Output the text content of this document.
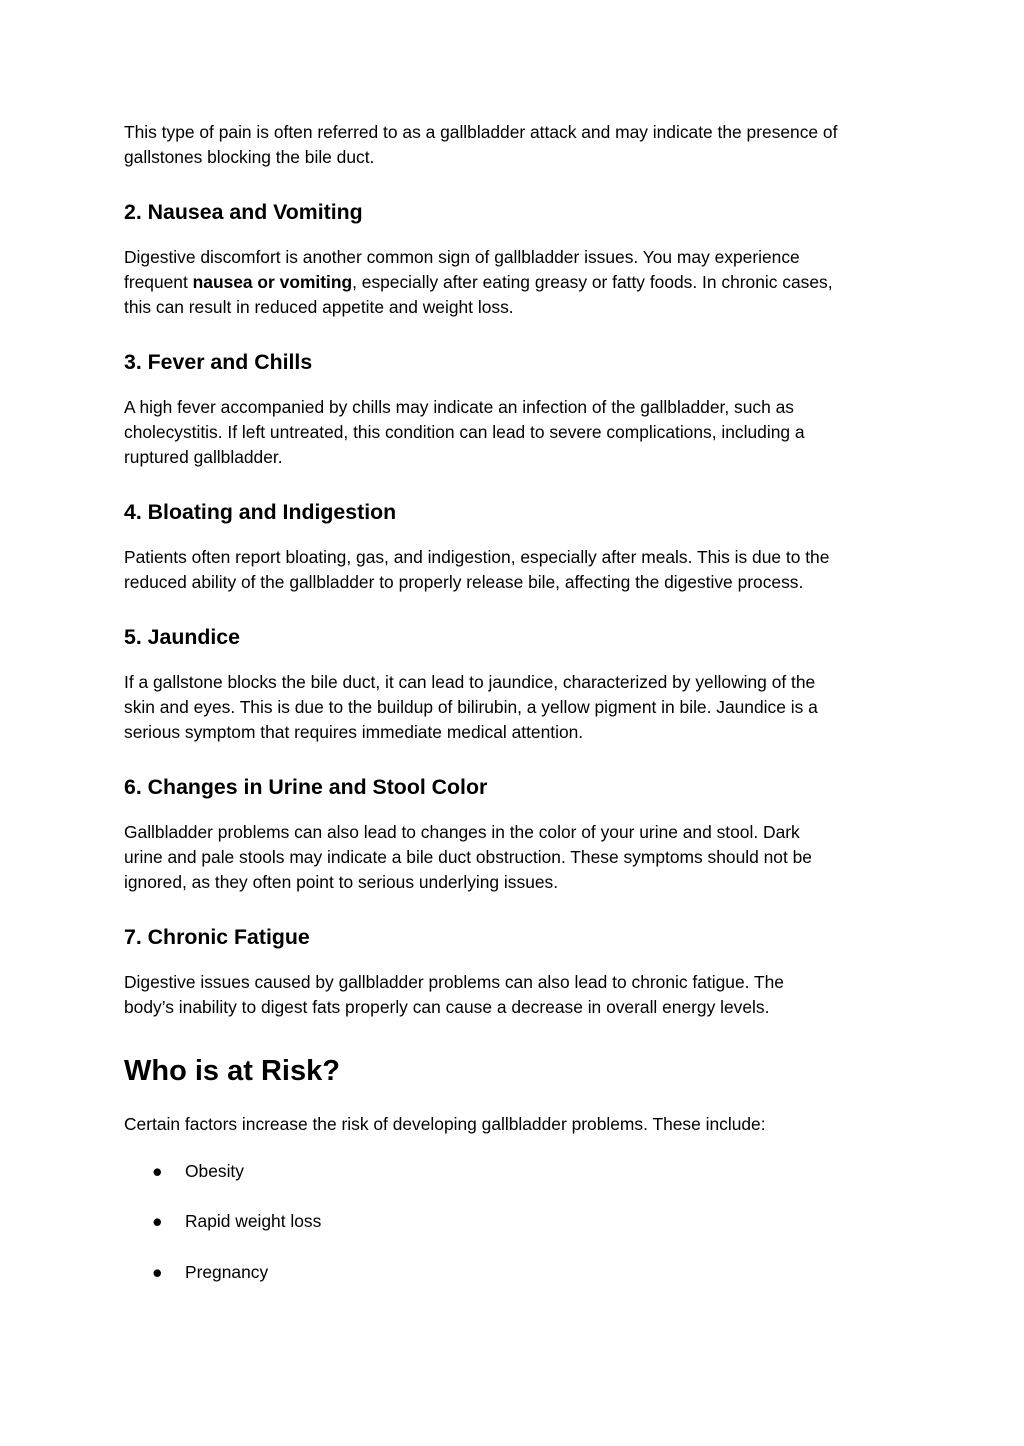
This type of pain is often referred to as a gallbladder attack and may indicate the presence of
gallstones blocking the bile duct.

2. Nausea and Vomiting

Digestive discomfort is another common sign of gallbladder issues. You may experience
frequent nausea or vomiting, especially after eating greasy or fatty foods. In chronic cases,
this can result in reduced appetite and weight loss.

3. Fever and Chills

A high fever accompanied by chills may indicate an infection of the gallbladder, such as
cholecystitis. If left untreated, this condition can lead to severe complications, including a
ruptured gallbladder.

4. Bloating and Indigestion

Patients often report bloating, gas, and indigestion, especially after meals. This is due to the
reduced ability of the gallbladder to properly release bile, affecting the digestive process.

5. Jaundice

If a gallstone blocks the bile duct, it can lead to jaundice, characterized by yellowing of the
skin and eyes. This is due to the buildup of bilirubin, a yellow pigment in bile. Jaundice is a
serious symptom that requires immediate medical attention.

6. Changes in Urine and Stool Color

Gallbladder problems can also lead to changes in the color of your urine and stool. Dark
urine and pale stools may indicate a bile duct obstruction. These symptoms should not be
ignored, as they often point to serious underlying issues.

7. Chronic Fatigue

Digestive issues caused by gallbladder problems can also lead to chronic fatigue. The
body’s inability to digest fats properly can cause a decrease in overall energy levels.

Who is at Risk?

Certain factors increase the risk of developing gallbladder problems. These include:

● Obesity
● Rapid weight loss
● Pregnancy
